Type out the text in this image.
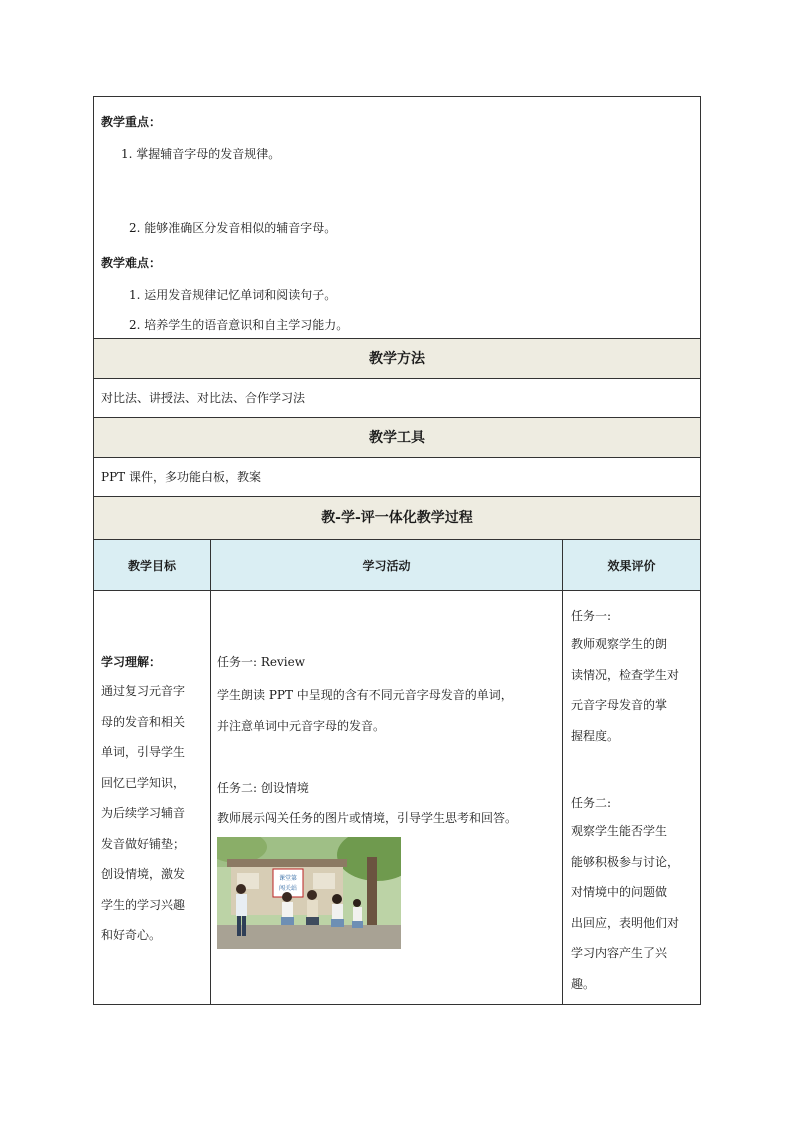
教学重点：
1. 掌握辅音字母的发音规律。
2. 能够准确区分发音相似的辅音字母。
教学难点：
1. 运用发音规律记忆单词和阅读句子。
2. 培养学生的语音意识和自主学习能力。
教学方法
对比法、讲授法、对比法、合作学习法
教学工具
PPT 课件，多功能白板，教案
教-学-评一体化教学过程
教学目标	学习活动	效果评价
学习理解：
通过复习元音字
母的发音和相关
单词，引导学生
回忆已学知识，
为后续学习辅音
发音做好铺垫；
创设情境，激发
学生的学习兴趣
和好奇心。
任务一: Review
学生朗读 PPT 中呈现的含有不同元音字母发音的单词，
并注意单词中元音字母的发音。
任务二: 创设情境
教师展示闯关任务的图片或情境，引导学生思考和回答。
课堂第
闯关站
任务一:
教师观察学生的朗
读情况，检查学生对
元音字母发音的掌
握程度。
任务二:
观察学生能否学生
能够积极参与讨论，
对情境中的问题做
出回应，表明他们对
学习内容产生了兴
趣。
